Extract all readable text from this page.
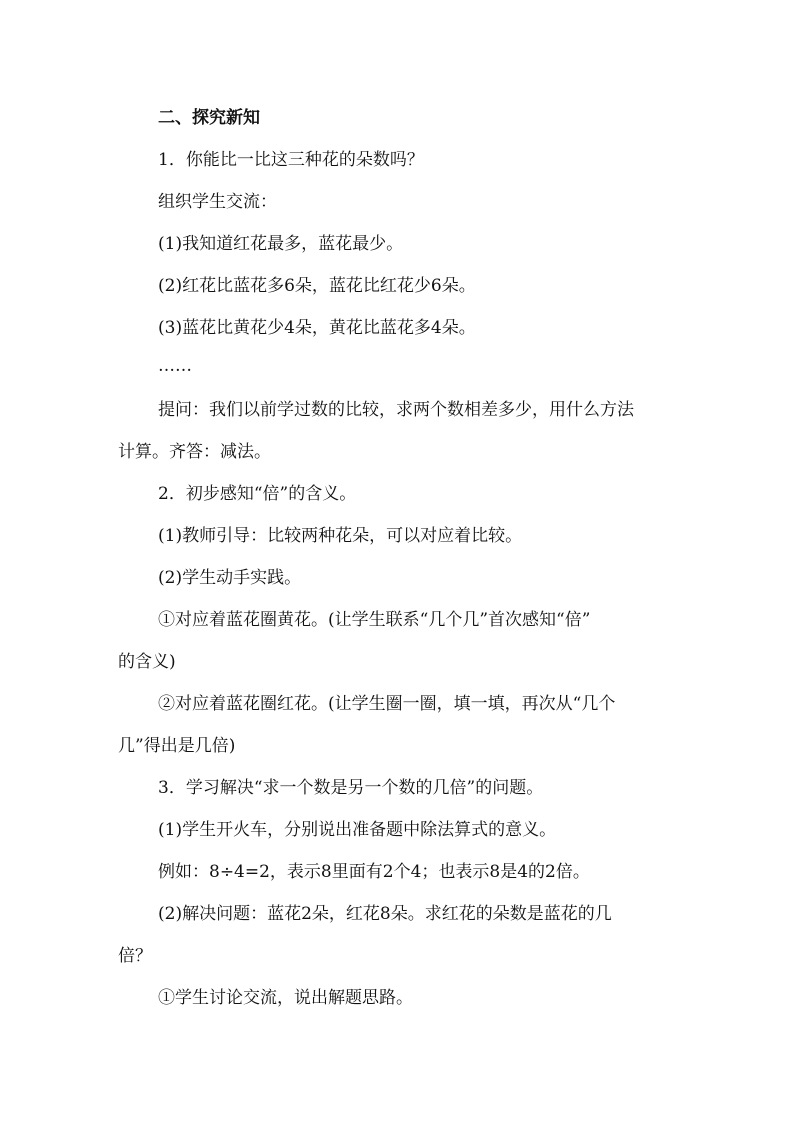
二、探究新知

1．你能比一比这三种花的朵数吗？

组织学生交流：

(1)我知道红花最多，蓝花最少。

(2)红花比蓝花多6朵，蓝花比红花少6朵。

(3)蓝花比黄花少4朵，黄花比蓝花多4朵。

……

提问：我们以前学过数的比较，求两个数相差多少，用什么方法

计算。齐答：减法。

2．初步感知“倍”的含义。

(1)教师引导：比较两种花朵，可以对应着比较。

(2)学生动手实践。

①对应着蓝花圈黄花。(让学生联系“几个几”首次感知“倍”

的含义)

②对应着蓝花圈红花。(让学生圈一圈，填一填，再次从“几个

几”得出是几倍)

3．学习解决“求一个数是另一个数的几倍”的问题。

(1)学生开火车，分别说出准备题中除法算式的意义。

例如：8÷4=2，表示8里面有2个4；也表示8是4的2倍。

(2)解决问题：蓝花2朵，红花8朵。求红花的朵数是蓝花的几

倍？

①学生讨论交流，说出解题思路。
